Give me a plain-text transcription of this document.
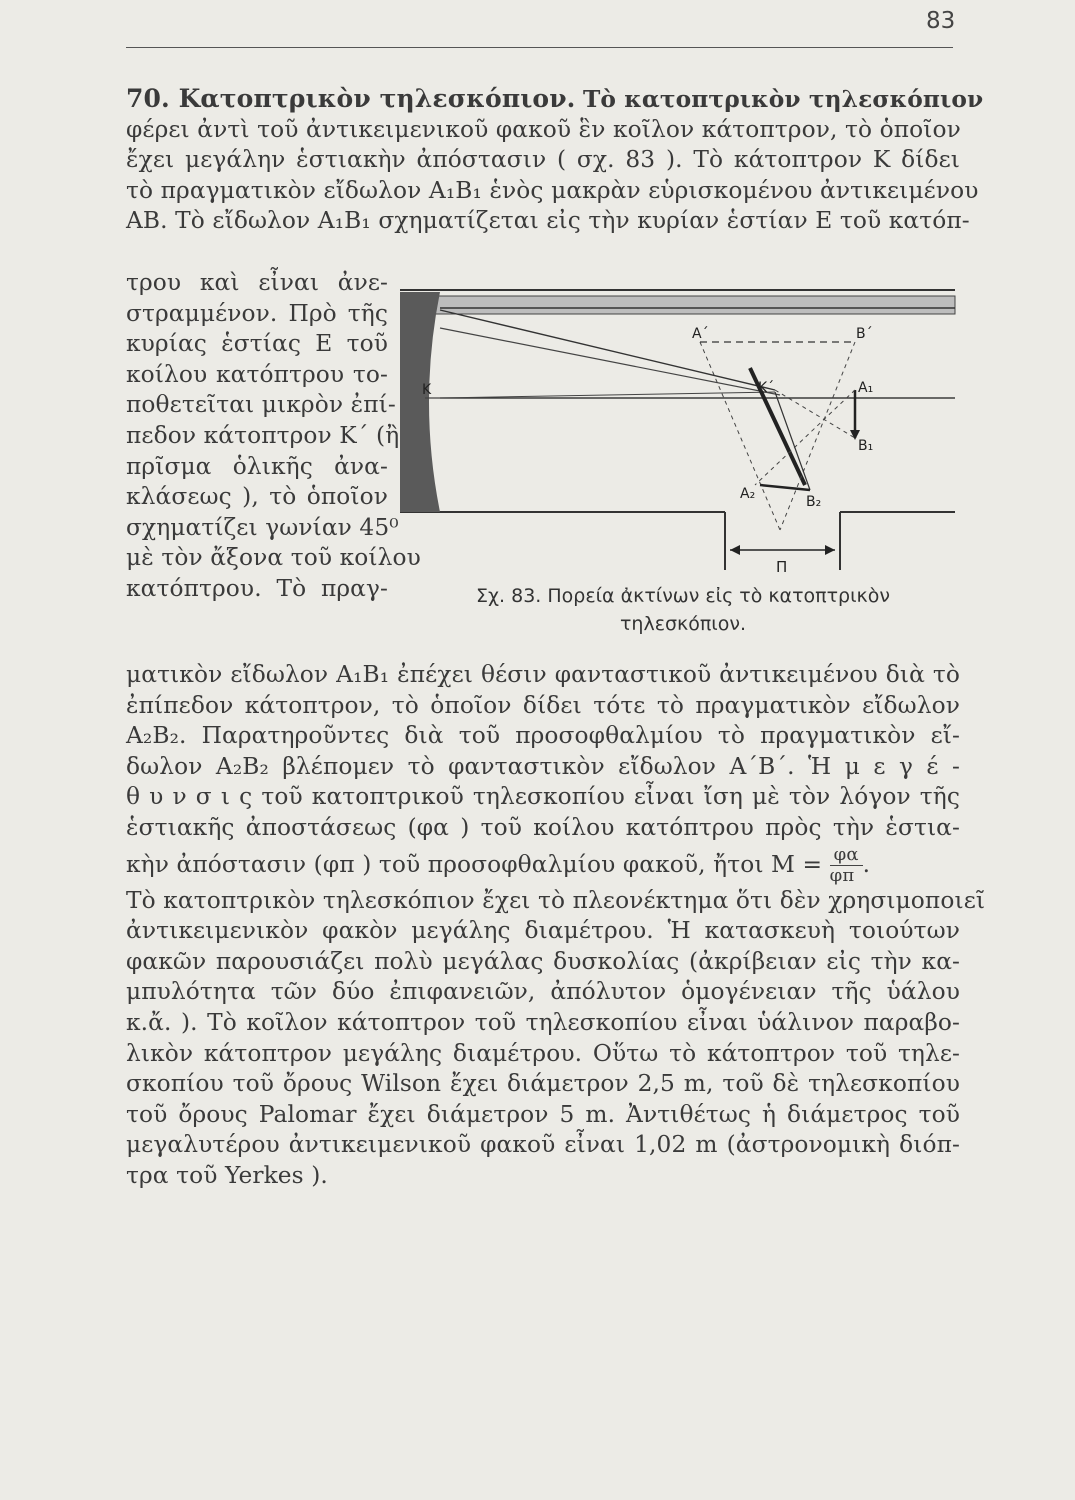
83
70. Κατοπτρικὸν τηλεσκόπιον. Τὸ κατοπτρικὸν τηλεσκόπιον
φέρει ἀντὶ τοῦ ἀντικειμενικοῦ φακοῦ ἓν κοῖλον κάτοπτρον, τὸ ὁποῖον
ἔχει μεγάλην ἑστιακὴν ἀπόστασιν ( σχ. 83 ). Τὸ κάτοπτρον Κ δίδει
τὸ πραγματικὸν εἴδωλον Α₁Β₁ ἑνὸς μακρὰν εὑρισκομένου ἀντικειμένου
ΑΒ. Τὸ εἴδωλον Α₁Β₁ σχηματίζεται εἰς τὴν κυρίαν ἑστίαν Ε τοῦ κατόπ-
τρου καὶ εἶναι ἀνε-
στραμμένον. Πρὸ τῆς
κυρίας ἑστίας Ε τοῦ
κοίλου κατόπτρου το-
ποθετεῖται μικρὸν ἐπί-
πεδον κάτοπτρον Κ΄ (ἢ
πρῖσμα ὁλικῆς ἀνα-
κλάσεως ), τὸ ὁποῖον
σχηματίζει γωνίαν 45⁰
μὲ τὸν ἄξονα τοῦ κοίλου
κατόπτρου. Τὸ πραγ-
K	K΄
A΄	B΄
A₁
B₁
A₂	B₂
Π
Σχ. 83. Πορεία ἀκτίνων εἰς τὸ κατοπτρικὸν
τηλεσκόπιον.
ματικὸν εἴδωλον Α₁Β₁ ἐπέχει θέσιν φανταστικοῦ ἀντικειμένου διὰ τὸ
ἐπίπεδον κάτοπτρον, τὸ ὁποῖον δίδει τότε τὸ πραγματικὸν εἴδωλον
Α₂Β₂. Παρατηροῦντες διὰ τοῦ προσοφθαλμίου τὸ πραγματικὸν εἴ-
δωλον Α₂Β₂ βλέπομεν τὸ φανταστικὸν εἴδωλον Α΄Β΄. Ἡ μ ε γ έ -
θ υ ν σ ι ς τοῦ κατοπτρικοῦ τηλεσκοπίου εἶναι ἴση μὲ τὸν λόγον τῆς
ἑστιακῆς ἀποστάσεως (φα ) τοῦ κοίλου κατόπτρου πρὸς τὴν ἑστια-
κὴν ἀπόστασιν (φπ ) τοῦ προσοφθαλμίου φακοῦ, ἤτοι $M = \frac{\varphi\alpha}{\varphi\pi}$ .
Τὸ κατοπτρικὸν τηλεσκόπιον ἔχει τὸ πλεονέκτημα ὅτι δὲν χρησιμοποιεῖ
ἀντικειμενικὸν φακὸν μεγάλης διαμέτρου. Ἡ κατασκευὴ τοιούτων
φακῶν παρουσιάζει πολὺ μεγάλας δυσκολίας (ἀκρίβειαν εἰς τὴν κα-
μπυλότητα τῶν δύο ἐπιφανειῶν, ἀπόλυτον ὁμογένειαν τῆς ὑάλου
κ.ἄ. ). Τὸ κοῖλον κάτοπτρον τοῦ τηλεσκοπίου εἶναι ὑάλινον παραβο-
λικὸν κάτοπτρον μεγάλης διαμέτρου. Οὕτω τὸ κάτοπτρον τοῦ τηλε-
σκοπίου τοῦ ὄρους Wilson ἔχει διάμετρον 2,5 m, τοῦ δὲ τηλεσκοπίου
τοῦ ὄρους Palomar ἔχει διάμετρον 5 m. Ἀντιθέτως ἡ διάμετρος τοῦ
μεγαλυτέρου ἀντικειμενικοῦ φακοῦ εἶναι 1,02 m (ἀστρονομικὴ διόπ-
τρα τοῦ Yerkes ).
